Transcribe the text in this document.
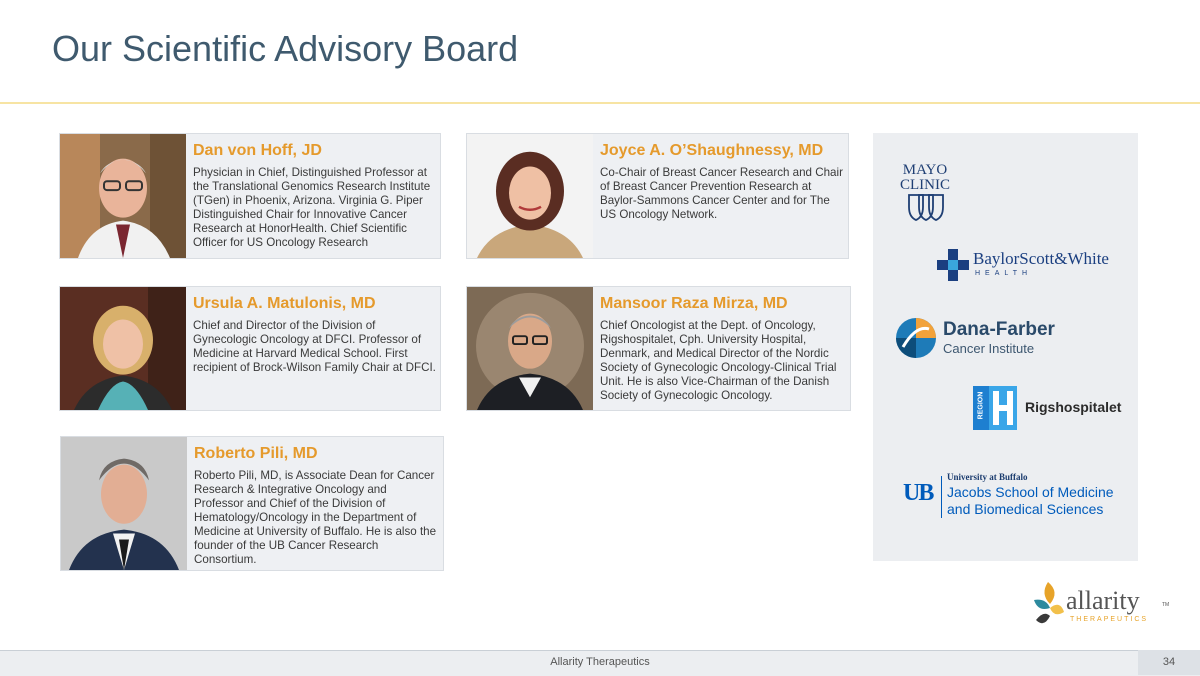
Our Scientific Advisory Board

Dan von Hoff, JD

Physician in Chief, Distinguished Professor at the Translational Genomics Research Institute (TGen) in Phoenix, Arizona. Virginia G. Piper Distinguished Chair for Innovative Cancer Research at HonorHealth. Chief Scientific Officer for US Oncology Research

Joyce A. O’Shaughnessy, MD

Co-Chair of Breast Cancer Research and Chair of Breast Cancer Prevention Research at Baylor-Sammons Cancer Center and for The US Oncology Network.

Ursula A. Matulonis, MD

Chief and Director of the Division of Gynecologic Oncology at DFCI. Professor of Medicine at Harvard Medical School. First recipient of Brock-Wilson Family Chair at DFCI.

Mansoor Raza Mirza, MD

Chief Oncologist at the Dept. of Oncology, Rigshospitalet, Cph. University Hospital, Denmark, and Medical Director of the Nordic Society of Gynecologic Oncology-Clinical Trial Unit. He is also Vice-Chairman of the Danish Society of Gynecologic Oncology.

Roberto Pili, MD

Roberto Pili, MD, is Associate Dean for Cancer Research & Integrative Oncology and Professor and Chief of the Division of Hematology/Oncology in the Department of Medicine at University of Buffalo. He is also the founder of the UB Cancer Research Consortium.

MAYO
CLINIC
BaylorScott&White
HEALTH
Dana-Farber
Cancer Institute
REGION	Rigshospitalet
UB
University at Buffalo
Jacobs School of Medicine
and Biomedical Sciences
allarity	TM
THERAPEUTICS
Allarity Therapeutics	34
